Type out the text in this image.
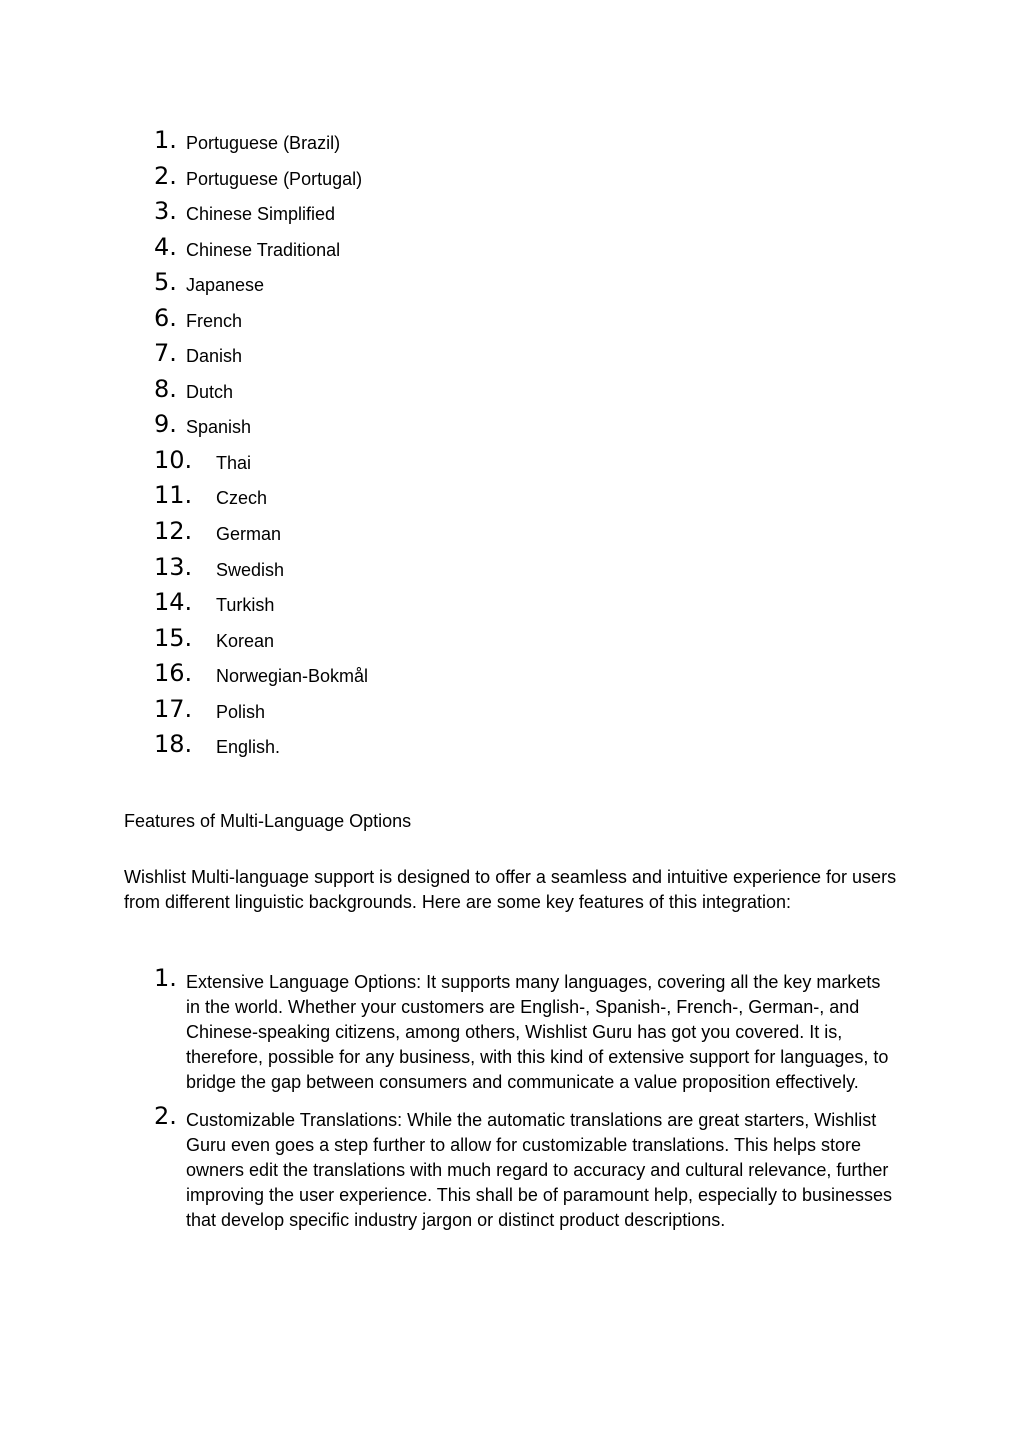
1. Portuguese (Brazil)
2. Portuguese (Portugal)
3. Chinese Simplified
4. Chinese Traditional
5. Japanese
6. French
7. Danish
8. Dutch
9. Spanish
10. Thai
11. Czech
12. German
13. Swedish
14. Turkish
15. Korean
16. Norwegian-Bokmål
17. Polish
18. English.
Features of Multi-Language Options

Wishlist Multi-language support is designed to offer a seamless and intuitive experience for users from different linguistic backgrounds. Here are some key features of this integration:

1. Extensive Language Options: It supports many languages, covering all the key markets in the world. Whether your customers are English-, Spanish-, French-, German-, and Chinese-speaking citizens, among others, Wishlist Guru has got you covered. It is, therefore, possible for any business, with this kind of extensive support for languages, to bridge the gap between consumers and communicate a value proposition effectively.
2. Customizable Translations: While the automatic translations are great starters, Wishlist Guru even goes a step further to allow for customizable translations. This helps store owners edit the translations with much regard to accuracy and cultural relevance, further improving the user experience. This shall be of paramount help, especially to businesses that develop specific industry jargon or distinct product descriptions.
